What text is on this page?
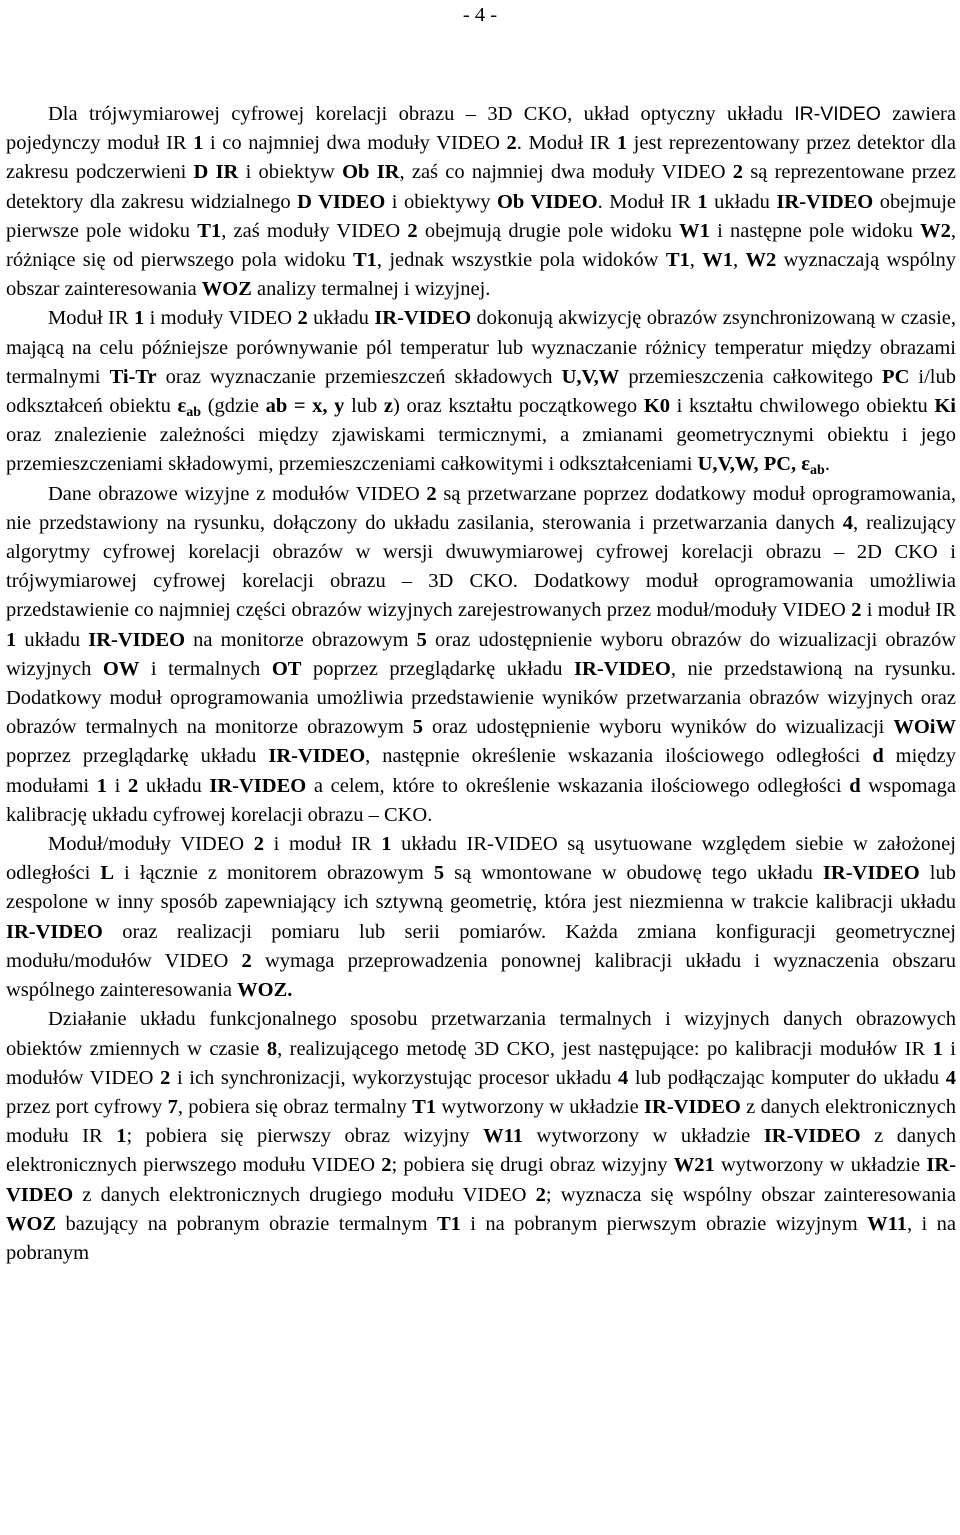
- 4 -

Dla trójwymiarowej cyfrowej korelacji obrazu – 3D CKO, układ optyczny układu IR-VIDEO zawiera pojedynczy moduł IR 1 i co najmniej dwa moduły VIDEO 2. Moduł IR 1 jest reprezentowany przez detektor dla zakresu podczerwieni D IR i obiektyw Ob IR, zaś co najmniej dwa moduły VIDEO 2 są reprezentowane przez detektory dla zakresu widzialnego D VIDEO i obiektywy Ob VIDEO. Moduł IR 1 układu IR-VIDEO obejmuje pierwsze pole widoku T1, zaś moduły VIDEO 2 obejmują drugie pole widoku W1 i następne pole widoku W2, różniące się od pierwszego pola widoku T1, jednak wszystkie pola widoków T1, W1, W2 wyznaczają wspólny obszar zainteresowania WOZ analizy termalnej i wizyjnej.

Moduł IR 1 i moduły VIDEO 2 układu IR-VIDEO dokonują akwizycję obrazów zsynchronizowaną w czasie, mającą na celu późniejsze porównywanie pól temperatur lub wyznaczanie różnicy temperatur między obrazami termalnymi Ti-Tr oraz wyznaczanie przemieszczeń składowych U,V,W przemieszczenia całkowitego PC i/lub odkształceń obiektu $\varepsilon_{ab}$ (gdzie ab = x, y lub z) oraz kształtu początkowego K0 i kształtu chwilowego obiektu Ki oraz znalezienie zależności między zjawiskami termicznymi, a zmianami geometrycznymi obiektu i jego przemieszczeniami składowymi, przemieszczeniami całkowitymi i odkształceniami U,V,W, PC, $\varepsilon_{ab}$.

Dane obrazowe wizyjne z modułów VIDEO 2 są przetwarzane poprzez dodatkowy moduł oprogramowania, nie przedstawiony na rysunku, dołączony do układu zasilania, sterowania i przetwarzania danych 4, realizujący algorytmy cyfrowej korelacji obrazów w wersji dwuwymiarowej cyfrowej korelacji obrazu – 2D CKO i trójwymiarowej cyfrowej korelacji obrazu – 3D CKO. Dodatkowy moduł oprogramowania umożliwia przedstawienie co najmniej części obrazów wizyjnych zarejestrowanych przez moduł/moduły VIDEO 2 i moduł IR 1 układu IR-VIDEO na monitorze obrazowym 5 oraz udostępnienie wyboru obrazów do wizualizacji obrazów wizyjnych OW i termalnych OT poprzez przeglądarkę układu IR-VIDEO, nie przedstawioną na rysunku. Dodatkowy moduł oprogramowania umożliwia przedstawienie wyników przetwarzania obrazów wizyjnych oraz obrazów termalnych na monitorze obrazowym 5 oraz udostępnienie wyboru wyników do wizualizacji WOiW poprzez przeglądarkę układu IR-VIDEO, następnie określenie wskazania ilościowego odległości d między modułami 1 i 2 układu IR-VIDEO a celem, które to określenie wskazania ilościowego odległości d wspomaga kalibrację układu cyfrowej korelacji obrazu – CKO.

Moduł/moduły VIDEO 2 i moduł IR 1 układu IR-VIDEO są usytuowane względem siebie w założonej odległości L i łącznie z monitorem obrazowym 5 są wmontowane w obudowę tego układu IR-VIDEO lub zespolone w inny sposób zapewniający ich sztywną geometrię, która jest niezmienna w trakcie kalibracji układu IR-VIDEO oraz realizacji pomiaru lub serii pomiarów. Każda zmiana konfiguracji geometrycznej modułu/modułów VIDEO 2 wymaga przeprowadzenia ponownej kalibracji układu i wyznaczenia obszaru wspólnego zainteresowania WOZ.

Działanie układu funkcjonalnego sposobu przetwarzania termalnych i wizyjnych danych obrazowych obiektów zmiennych w czasie 8, realizującego metodę 3D CKO, jest następujące: po kalibracji modułów IR 1 i modułów VIDEO 2 i ich synchronizacji, wykorzystując procesor układu 4 lub podłączając komputer do układu 4 przez port cyfrowy 7, pobiera się obraz termalny T1 wytworzony w układzie IR-VIDEO z danych elektronicznych modułu IR 1; pobiera się pierwszy obraz wizyjny W11 wytworzony w układzie IR-VIDEO z danych elektronicznych pierwszego modułu VIDEO 2; pobiera się drugi obraz wizyjny W21 wytworzony w układzie IR-VIDEO z danych elektronicznych drugiego modułu VIDEO 2; wyznacza się wspólny obszar zainteresowania WOZ bazujący na pobranym obrazie termalnym T1 i na pobranym pierwszym obrazie wizyjnym W11, i na pobranym
